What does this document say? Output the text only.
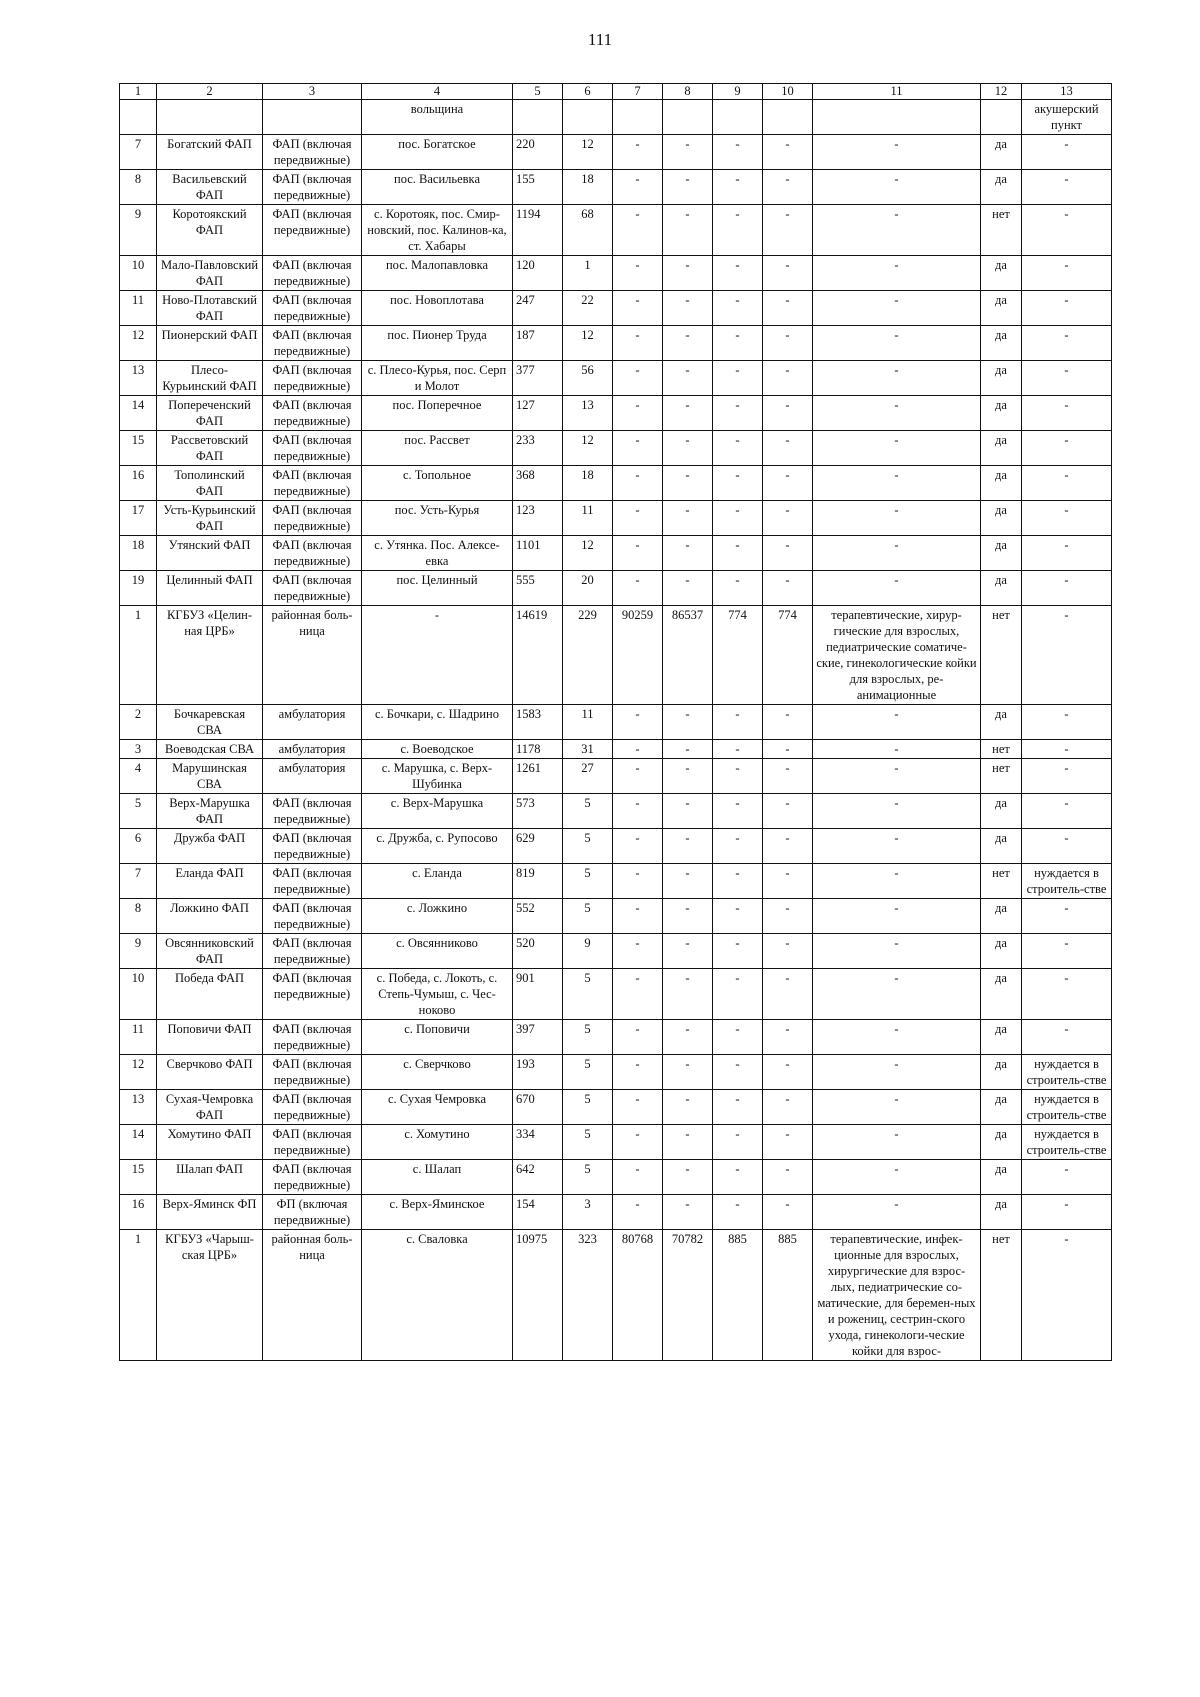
111
1	2	3	4	5	6	7	8	9	10	11	12	13
			вольщина									акушерский пункт
7	Богатский ФАП	ФАП (включая передвижные)	пос. Богатское	220	12	-	-	-	-	-	да	-
8	Васильевский ФАП	ФАП (включая передвижные)	пос. Васильевка	155	18	-	-	-	-	-	да	-
9	Коротоякский ФАП	ФАП (включая передвижные)	с. Коротояк, пос. Смир-новский, пос. Калинов-ка, ст. Хабары	1194	68	-	-	-	-	-	нет	-
10	Мало-Павловский ФАП	ФАП (включая передвижные)	пос. Малопавловка	120	1	-	-	-	-	-	да	-
11	Ново-Плотавский ФАП	ФАП (включая передвижные)	пос. Новоплотава	247	22	-	-	-	-	-	да	-
12	Пионерский ФАП	ФАП (включая передвижные)	пос. Пионер Труда	187	12	-	-	-	-	-	да	-
13	Плесо-Курьинский ФАП	ФАП (включая передвижные)	с. Плесо-Курья, пос. Серп и Молот	377	56	-	-	-	-	-	да	-
14	Попереченский ФАП	ФАП (включая передвижные)	пос. Поперечное	127	13	-	-	-	-	-	да	-
15	Рассветовский ФАП	ФАП (включая передвижные)	пос. Рассвет	233	12	-	-	-	-	-	да	-
16	Тополинский ФАП	ФАП (включая передвижные)	с. Топольное	368	18	-	-	-	-	-	да	-
17	Усть-Курьинский ФАП	ФАП (включая передвижные)	пос. Усть-Курья	123	11	-	-	-	-	-	да	-
18	Утянский ФАП	ФАП (включая передвижные)	с. Утянка. Пос. Алексе-евка	1101	12	-	-	-	-	-	да	-
19	Целинный ФАП	ФАП (включая передвижные)	пос. Целинный	555	20	-	-	-	-	-	да	-
1	КГБУЗ «Целин-ная ЦРБ»	районная боль-ница	-	14619	229	90259	86537	774	774	терапевтические, хирур-гические для взрослых, педиатрические соматиче-ские, гинекологические койки для взрослых, ре-анимационные	нет	-
2	Бочкаревская СВА	амбулатория	с. Бочкари, с. Шадрино	1583	11	-	-	-	-	-	да	-
3	Воеводская СВА	амбулатория	с. Воеводское	1178	31	-	-	-	-	-	нет	-
4	Марушинская СВА	амбулатория	с. Марушка, с. Верх-Шубинка	1261	27	-	-	-	-	-	нет	-
5	Верх-Марушка ФАП	ФАП (включая передвижные)	с. Верх-Марушка	573	5	-	-	-	-	-	да	-
6	Дружба ФАП	ФАП (включая передвижные)	с. Дружба, с. Рупосово	629	5	-	-	-	-	-	да	-
7	Еланда ФАП	ФАП (включая передвижные)	с. Еланда	819	5	-	-	-	-	-	нет	нуждается в строитель-стве
8	Ложкино ФАП	ФАП (включая передвижные)	с. Ложкино	552	5	-	-	-	-	-	да	-
9	Овсянниковский ФАП	ФАП (включая передвижные)	с. Овсянниково	520	9	-	-	-	-	-	да	-
10	Победа ФАП	ФАП (включая передвижные)	с. Победа, с. Локоть, с. Степь-Чумыш, с. Чес-ноково	901	5	-	-	-	-	-	да	-
11	Поповичи ФАП	ФАП (включая передвижные)	с. Поповичи	397	5	-	-	-	-	-	да	-
12	Сверчково ФАП	ФАП (включая передвижные)	с. Сверчково	193	5	-	-	-	-	-	да	нуждается в строитель-стве
13	Сухая-Чемровка ФАП	ФАП (включая передвижные)	с. Сухая Чемровка	670	5	-	-	-	-	-	да	нуждается в строитель-стве
14	Хомутино ФАП	ФАП (включая передвижные)	с. Хомутино	334	5	-	-	-	-	-	да	нуждается в строитель-стве
15	Шалап ФАП	ФАП (включая передвижные)	с. Шалап	642	5	-	-	-	-	-	да	-
16	Верх-Яминск ФП	ФП (включая передвижные)	с. Верх-Яминское	154	3	-	-	-	-	-	да	-
1	КГБУЗ «Чарыш-ская ЦРБ»	районная боль-ница	с. Сваловка	10975	323	80768	70782	885	885	терапевтические, инфек-ционные для взрослых, хирургические для взрос-лых, педиатрические со-матические, для беремен-ных и рожениц, сестрин-ского ухода, гинекологи-ческие койки для взрос-	нет	-
